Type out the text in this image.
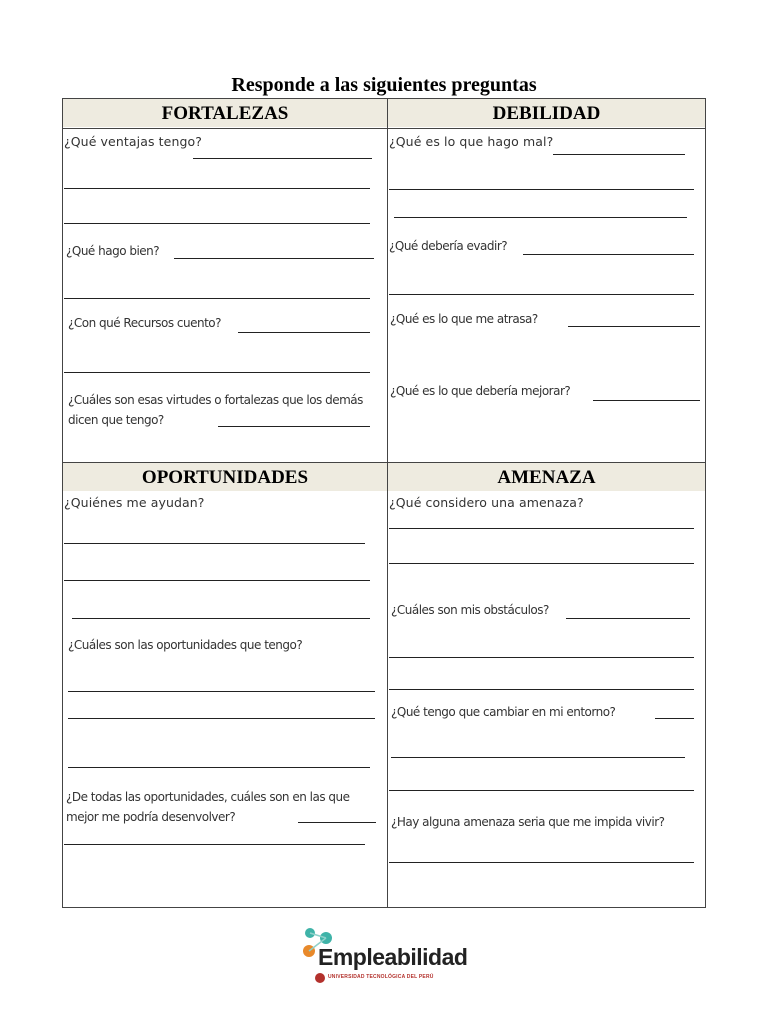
Responde a las siguientes preguntas
FORTALEZAS	DEBILIDAD
OPORTUNIDADES	AMENAZA
¿Qué ventajas tengo?
¿Qué hago bien?
¿Con qué Recursos cuento?
¿Cuáles son esas virtudes o fortalezas que los demás dicen que tengo?
¿Qué es lo que hago mal?
¿Qué debería evadir?
¿Qué es lo que me atrasa?
¿Qué es lo que debería mejorar?
¿Quiénes me ayudan?
¿Cuáles son las oportunidades que tengo?
¿De todas las oportunidades, cuáles son en las que mejor me podría desenvolver?
¿Qué considero una amenaza?
¿Cuáles son mis obstáculos?
¿Qué tengo que cambiar en mi entorno?
¿Hay alguna amenaza seria que me impida vivir?
Empleabilidad
UNIVERSIDAD TECNOLÓGICA DEL PERÚ
